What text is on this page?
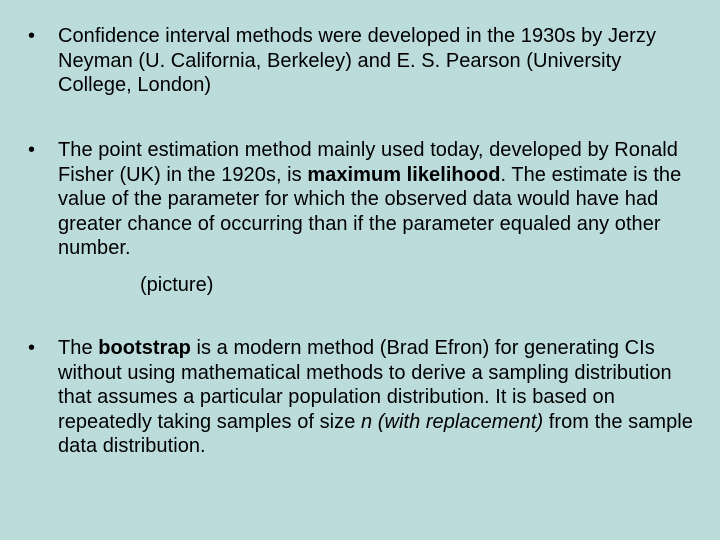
•	Confidence interval methods were developed in the 1930s by Jerzy Neyman (U. California, Berkeley) and E. S. Pearson (University College, London)
•	The point estimation method mainly used today, developed by Ronald Fisher (UK) in the 1920s, is maximum likelihood. The estimate is the value of the parameter for which the observed data would have had greater chance of occurring than if the parameter equaled any other number.
(picture)
•	The bootstrap is a modern method (Brad Efron) for generating CIs without using mathematical methods to derive a sampling distribution that assumes a particular population distribution. It is based on repeatedly taking samples of size n (with replacement) from the sample data distribution.
